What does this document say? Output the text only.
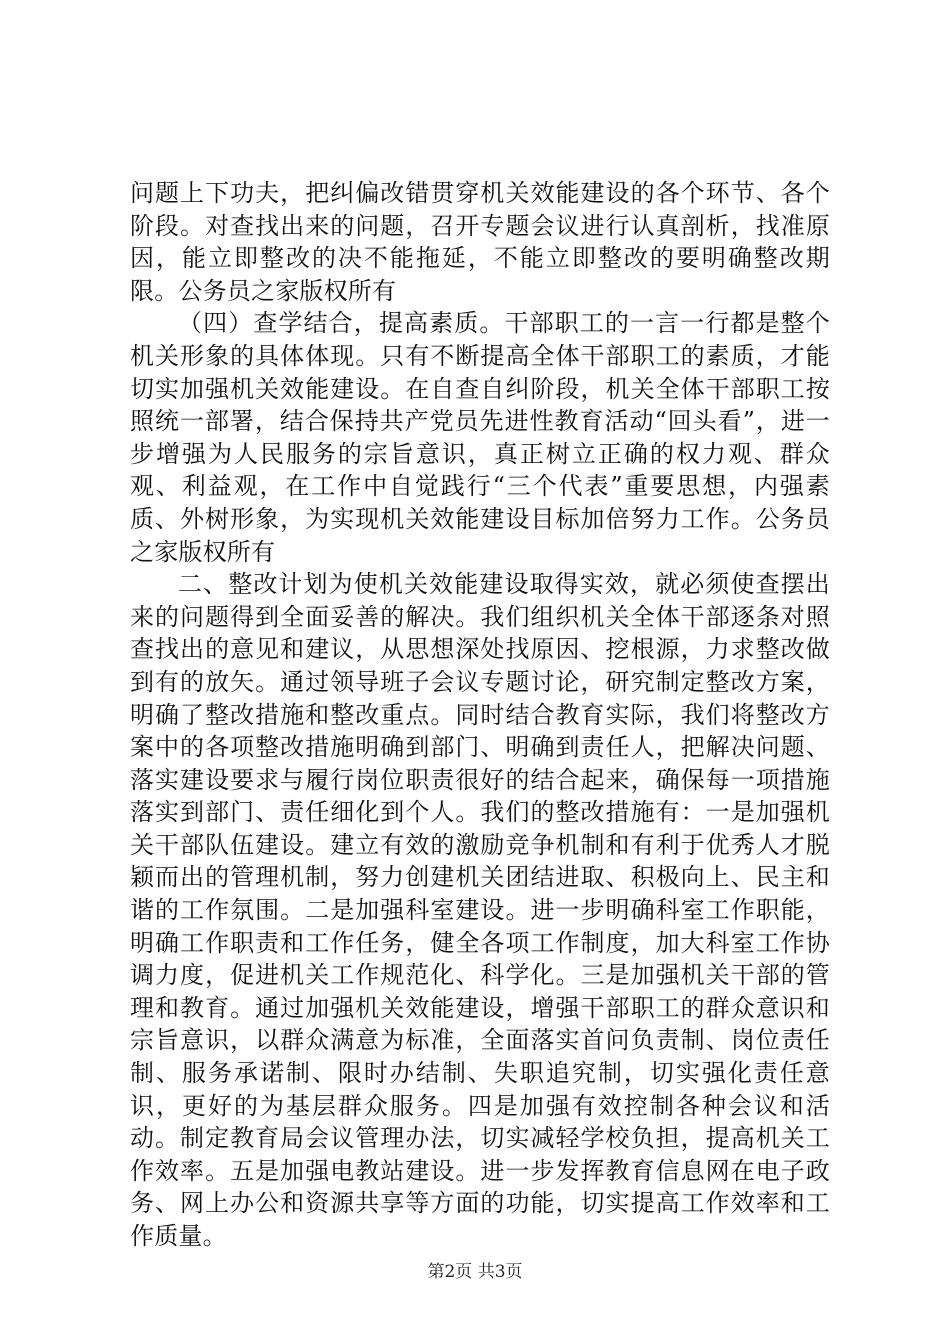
问题上下功夫，把纠偏改错贯穿机关效能建设的各个环节、各个阶段。对查找出来的问题，召开专题会议进行认真剖析，找准原因，能立即整改的决不能拖延，不能立即整改的要明确整改期限。公务员之家版权所有

（四）查学结合，提高素质。干部职工的一言一行都是整个机关形象的具体体现。只有不断提高全体干部职工的素质，才能切实加强机关效能建设。在自查自纠阶段，机关全体干部职工按照统一部署，结合保持共产党员先进性教育活动“回头看”，进一步增强为人民服务的宗旨意识，真正树立正确的权力观、群众观、利益观，在工作中自觉践行“三个代表”重要思想，内强素质、外树形象，为实现机关效能建设目标加倍努力工作。公务员之家版权所有

二、整改计划为使机关效能建设取得实效，就必须使查摆出来的问题得到全面妥善的解决。我们组织机关全体干部逐条对照查找出的意见和建议，从思想深处找原因、挖根源，力求整改做到有的放矢。通过领导班子会议专题讨论，研究制定整改方案，明确了整改措施和整改重点。同时结合教育实际，我们将整改方案中的各项整改措施明确到部门、明确到责任人，把解决问题、落实建设要求与履行岗位职责很好的结合起来，确保每一项措施落实到部门、责任细化到个人。我们的整改措施有：一是加强机关干部队伍建设。建立有效的激励竞争机制和有利于优秀人才脱颖而出的管理机制，努力创建机关团结进取、积极向上、民主和谐的工作氛围。二是加强科室建设。进一步明确科室工作职能，明确工作职责和工作任务，健全各项工作制度，加大科室工作协调力度，促进机关工作规范化、科学化。三是加强机关干部的管理和教育。通过加强机关效能建设，增强干部职工的群众意识和宗旨意识，以群众满意为标准，全面落实首问负责制、岗位责任制、服务承诺制、限时办结制、失职追究制，切实强化责任意识，更好的为基层群众服务。四是加强有效控制各种会议和活动。制定教育局会议管理办法，切实减轻学校负担，提高机关工作效率。五是加强电教站建设。进一步发挥教育信息网在电子政务、网上办公和资源共享等方面的功能，切实提高工作效率和工作质量。

第2页 共3页
